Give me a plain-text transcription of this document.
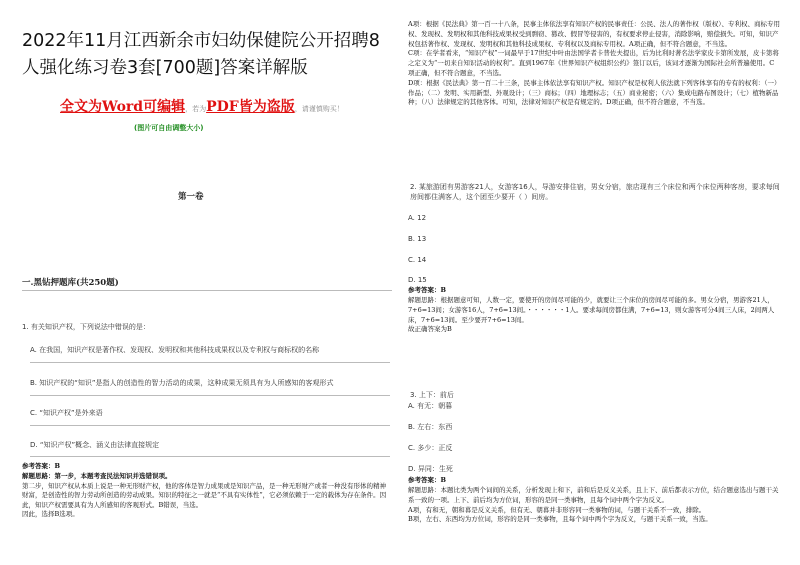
2022年11月江西新余市妇幼保健院公开招聘8人强化练习卷3套[700题]答案详解版
全文为Word可编辑，若为PDF皆为盗版，请谨慎购买！
(图片可自由调整大小)
第一卷
一.黑钻押题库(共250题)
1. 有关知识产权，下列说法中错误的是：
A. 在我国，知识产权是著作权、发现权、发明权和其他科技成果权以及专利权与商标权的名称
B. 知识产权的“知识”是指人的创造性的智力活动的成果，这种成果无须具有为人所感知的客观形式
C. “知识产权”是外来语
D. “知识产权”概念、涵义由法律直接规定
参考答案：B
解题思路：第一步，本题考查民法知识并选错误项。
第二步，知识产权从本质上说是一种无形财产权，他的客体是智力成果或是知识产品，是一种无形财产或者一种没有形体的精神财富，是创造性的智力劳动所创造的劳动成果。知识的特征之一就是“不具有实体性”，它必须依赖于一定的载体为存在条件。因此，知识产权需要具有为人所感知的客观形式。B错误，当选。
因此，选择B选项。
A项：根据《民法典》第一百一十八条，民事主体依法享有知识产权的民事责任：公民、法人的著作权（版权）、专利权、商标专用权、发现权、发明权和其他科技成果权受到剽窃、篡改、假冒等侵害的，有权要求停止侵害，消除影响，赔偿损失。可知，知识产权包括著作权、发现权、发明权和其他科技成果权、专利权以及商标专用权。A项正确，但不符合题意，不当选。
C项：在学者看来，“知识产权”一词最早于17世纪中叶由法国学者卡普佐夫提出，后为比利时著名法学家皮卡第所发展，皮卡第将之定义为“一切来自知识活动的权利”。直到1967年《世界知识产权组织公约》签订以后，该词才逐渐为国际社会所普遍使用。C项正确，但不符合题意，不当选。
D项：根据《民法典》第一百二十三条，民事主体依法享有知识产权。知识产权是权利人依法就下列客体享有的专有的权利：（一）作品；（二）发明、实用新型、外观设计；（三）商标；（四）地理标志；（五）商业秘密；（六）集成电路布图设计；（七）植物新品种；（八）法律规定的其他客体。可知，法律对知识产权是有规定的。D项正确，但不符合题意，不当选。
2. 某旅游团有男游客21人，女游客16人，导游安排住宿，男女分宿，旅店现有三个床位和两个床位两种客房，要求每间房间都住满客人，这个团至少要开（ ）间房。
A. 12
B. 13
C. 14
D. 15
参考答案：B
解题思路：根据题意可知，人数一定，要使开的房间尽可能的少，就要让三个床位的房间尽可能的多。男女分宿，男游客21人，7+6=13间；女游客16人，7+6=13间。・・・・・・1人。要求每间房都住满，7+6=13，则女游客可分4间三人床，2间两人床，7+6=13间。至少要开7+6=13间。
故正确答案为B
3. 上下：前后
A. 有无：朝暮
B. 左右：东西
C. 多少：正反
D. 异同：生死
参考答案：B
解题思路：本题比类为两个词间的关系，分析发现上和下，前和后是反义关系，且上下、前后都表示方位，结合题意选出与题干关系一致的一项。上下、前后均为方位词，形容的是同一类事物，且每个词中两个字为反义。
A项，有和无，朝和暮是反义关系，但有无、朝暮并非形容同一类事物的词，与题干关系不一致，排除。
B项，左右、东西均为方位词，形容的是同一类事物，且每个词中两个字为反义，与题干关系一致，当选。
